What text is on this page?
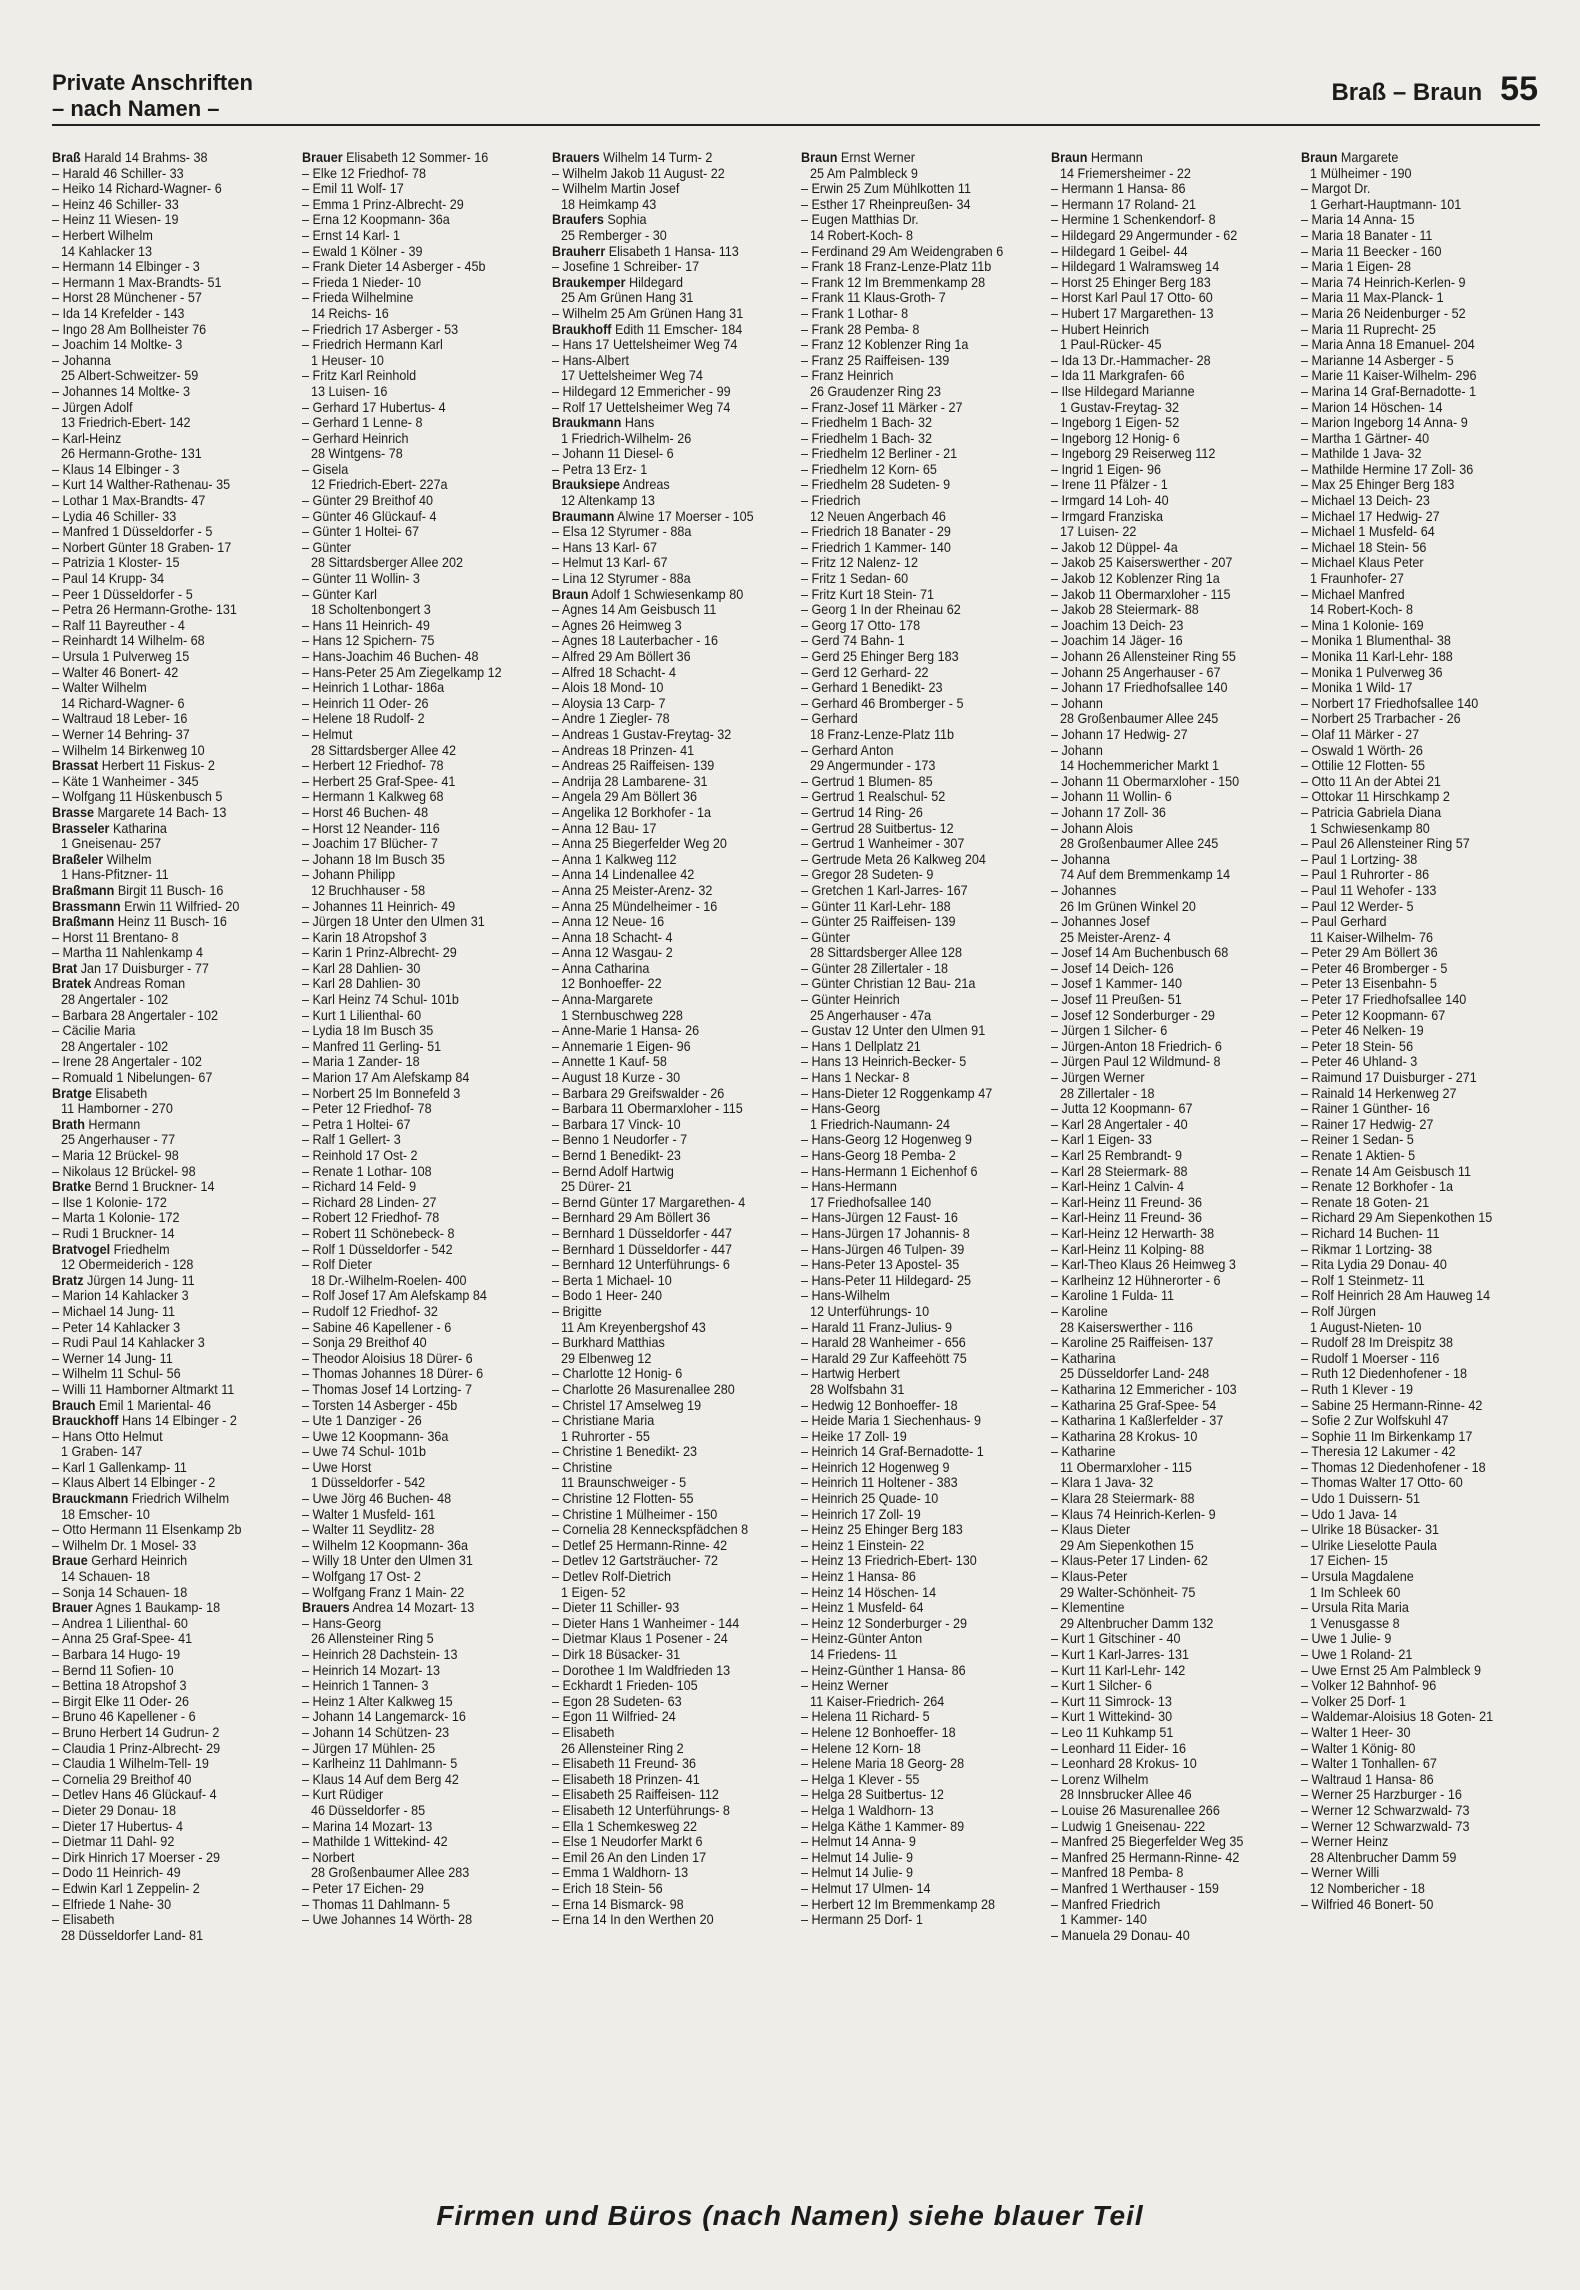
Private Anschriften
– nach Namen –
Braß – Braun 55
Braß Harald 14 Brahms- 38
– Harald 46 Schiller- 33
– Heiko 14 Richard-Wagner- 6
– Heinz 46 Schiller- 33
– Heinz 11 Wiesen- 19
– Herbert Wilhelm
14 Kahlacker 13
– Hermann 14 Elbinger - 3
– Hermann 1 Max-Brandts- 51
– Horst 28 Münchener - 57
– Ida 14 Krefelder - 143
– Ingo 28 Am Bollheister 76
– Joachim 14 Moltke- 3
– Johanna
25 Albert-Schweitzer- 59
– Johannes 14 Moltke- 3
– Jürgen Adolf
13 Friedrich-Ebert- 142
– Karl-Heinz
26 Hermann-Grothe- 131
– Klaus 14 Elbinger - 3
– Kurt 14 Walther-Rathenau- 35
– Lothar 1 Max-Brandts- 47
– Lydia 46 Schiller- 33
– Manfred 1 Düsseldorfer - 5
– Norbert Günter 18 Graben- 17
– Patrizia 1 Kloster- 15
– Paul 14 Krupp- 34
– Peer 1 Düsseldorfer - 5
– Petra 26 Hermann-Grothe- 131
– Ralf 11 Bayreuther - 4
– Reinhardt 14 Wilhelm- 68
– Ursula 1 Pulverweg 15
– Walter 46 Bonert- 42
– Walter Wilhelm
14 Richard-Wagner- 6
– Waltraud 18 Leber- 16
– Werner 14 Behring- 37
– Wilhelm 14 Birkenweg 10
Brassat Herbert 11 Fiskus- 2
– Käte 1 Wanheimer - 345
– Wolfgang 11 Hüskenbusch 5
Brasse Margarete 14 Bach- 13
Brasseler Katharina
1 Gneisenau- 257
Braßeler Wilhelm
1 Hans-Pfitzner- 11
Braßmann Birgit 11 Busch- 16
Brassmann Erwin 11 Wilfried- 20
Braßmann Heinz 11 Busch- 16
– Horst 11 Brentano- 8
– Martha 11 Nahlenkamp 4
Brat Jan 17 Duisburger - 77
Bratek Andreas Roman
28 Angertaler - 102
– Barbara 28 Angertaler - 102
– Cäcilie Maria
28 Angertaler - 102
– Irene 28 Angertaler - 102
– Romuald 1 Nibelungen- 67
Bratge Elisabeth
11 Hamborner - 270
Brath Hermann
25 Angerhauser - 77
– Maria 12 Brückel- 98
– Nikolaus 12 Brückel- 98
Bratke Bernd 1 Bruckner- 14
– Ilse 1 Kolonie- 172
– Marta 1 Kolonie- 172
– Rudi 1 Bruckner- 14
Bratvogel Friedhelm
12 Obermeiderich - 128
Bratz Jürgen 14 Jung- 11
– Marion 14 Kahlacker 3
– Michael 14 Jung- 11
– Peter 14 Kahlacker 3
– Rudi Paul 14 Kahlacker 3
– Werner 14 Jung- 11
– Wilhelm 11 Schul- 56
– Willi 11 Hamborner Altmarkt 11
Brauch Emil 1 Mariental- 46
Brauckhoff Hans 14 Elbinger - 2
– Hans Otto Helmut
1 Graben- 147
– Karl 1 Gallenkamp- 11
– Klaus Albert 14 Elbinger - 2
Brauckmann Friedrich Wilhelm
18 Emscher- 10
– Otto Hermann 11 Elsenkamp 2b
– Wilhelm Dr. 1 Mosel- 33
Braue Gerhard Heinrich
14 Schauen- 18
– Sonja 14 Schauen- 18
Brauer Agnes 1 Baukamp- 18
– Andrea 1 Lilienthal- 60
– Anna 25 Graf-Spee- 41
– Barbara 14 Hugo- 19
– Bernd 11 Sofien- 10
– Bettina 18 Atropshof 3
– Birgit Elke 11 Oder- 26
– Bruno 46 Kapellener - 6
– Bruno Herbert 14 Gudrun- 2
– Claudia 1 Prinz-Albrecht- 29
– Claudia 1 Wilhelm-Tell- 19
– Cornelia 29 Breithof 40
– Detlev Hans 46 Glückauf- 4
– Dieter 29 Donau- 18
– Dieter 17 Hubertus- 4
– Dietmar 11 Dahl- 92
– Dirk Hinrich 17 Moerser - 29
– Dodo 11 Heinrich- 49
– Edwin Karl 1 Zeppelin- 2
– Elfriede 1 Nahe- 30
– Elisabeth
28 Düsseldorfer Land- 81
Brauer Elisabeth 12 Sommer- 16
– Elke 12 Friedhof- 78
– Emil 11 Wolf- 17
– Emma 1 Prinz-Albrecht- 29
– Erna 12 Koopmann- 36a
– Ernst 14 Karl- 1
– Ewald 1 Kölner - 39
– Frank Dieter 14 Asberger - 45b
– Frieda 1 Nieder- 10
– Frieda Wilhelmine
14 Reichs- 16
– Friedrich 17 Asberger - 53
– Friedrich Hermann Karl
1 Heuser- 10
– Fritz Karl Reinhold
13 Luisen- 16
– Gerhard 17 Hubertus- 4
– Gerhard 1 Lenne- 8
– Gerhard Heinrich
28 Wintgens- 78
– Gisela
12 Friedrich-Ebert- 227a
– Günter 29 Breithof 40
– Günter 46 Glückauf- 4
– Günter 1 Holtei- 67
– Günter
28 Sittardsberger Allee 202
– Günter 11 Wollin- 3
– Günter Karl
18 Scholtenbongert 3
– Hans 11 Heinrich- 49
– Hans 12 Spichern- 75
– Hans-Joachim 46 Buchen- 48
– Hans-Peter 25 Am Ziegelkamp 12
– Heinrich 1 Lothar- 186a
– Heinrich 11 Oder- 26
– Helene 18 Rudolf- 2
– Helmut
28 Sittardsberger Allee 42
– Herbert 12 Friedhof- 78
– Herbert 25 Graf-Spee- 41
– Hermann 1 Kalkweg 68
– Horst 46 Buchen- 48
– Horst 12 Neander- 116
– Joachim 17 Blücher- 7
– Johann 18 Im Busch 35
– Johann Philipp
12 Bruchhauser - 58
– Johannes 11 Heinrich- 49
– Jürgen 18 Unter den Ulmen 31
– Karin 18 Atropshof 3
– Karin 1 Prinz-Albrecht- 29
– Karl 28 Dahlien- 30
– Karl 28 Dahlien- 30
– Karl Heinz 74 Schul- 101b
– Kurt 1 Lilienthal- 60
– Lydia 18 Im Busch 35
– Manfred 11 Gerling- 51
– Maria 1 Zander- 18
– Marion 17 Am Alefskamp 84
– Norbert 25 Im Bonnefeld 3
– Peter 12 Friedhof- 78
– Petra 1 Holtei- 67
– Ralf 1 Gellert- 3
– Reinhold 17 Ost- 2
– Renate 1 Lothar- 108
– Richard 14 Feld- 9
– Richard 28 Linden- 27
– Robert 12 Friedhof- 78
– Robert 11 Schönebeck- 8
– Rolf 1 Düsseldorfer - 542
– Rolf Dieter
18 Dr.-Wilhelm-Roelen- 400
– Rolf Josef 17 Am Alefskamp 84
– Rudolf 12 Friedhof- 32
– Sabine 46 Kapellener - 6
– Sonja 29 Breithof 40
– Theodor Aloisius 18 Dürer- 6
– Thomas Johannes 18 Dürer- 6
– Thomas Josef 14 Lortzing- 7
– Torsten 14 Asberger - 45b
– Ute 1 Danziger - 26
– Uwe 12 Koopmann- 36a
– Uwe 74 Schul- 101b
– Uwe Horst
1 Düsseldorfer - 542
– Uwe Jörg 46 Buchen- 48
– Walter 1 Musfeld- 161
– Walter 11 Seydlitz- 28
– Wilhelm 12 Koopmann- 36a
– Willy 18 Unter den Ulmen 31
– Wolfgang 17 Ost- 2
– Wolfgang Franz 1 Main- 22
Brauers Andrea 14 Mozart- 13
– Hans-Georg
26 Allensteiner Ring 5
– Heinrich 28 Dachstein- 13
– Heinrich 14 Mozart- 13
– Heinrich 1 Tannen- 3
– Heinz 1 Alter Kalkweg 15
– Johann 14 Langemarck- 16
– Johann 14 Schützen- 23
– Jürgen 17 Mühlen- 25
– Karlheinz 11 Dahlmann- 5
– Klaus 14 Auf dem Berg 42
– Kurt Rüdiger
46 Düsseldorfer - 85
– Marina 14 Mozart- 13
– Mathilde 1 Wittekind- 42
– Norbert
28 Großenbaumer Allee 283
– Peter 17 Eichen- 29
– Thomas 11 Dahlmann- 5
– Uwe Johannes 14 Wörth- 28
Brauers Wilhelm 14 Turm- 2
– Wilhelm Jakob 11 August- 22
– Wilhelm Martin Josef
18 Heimkamp 43
Braufers Sophia
25 Remberger - 30
Brauherr Elisabeth 1 Hansa- 113
– Josefine 1 Schreiber- 17
Braukemper Hildegard
25 Am Grünen Hang 31
– Wilhelm 25 Am Grünen Hang 31
Braukhoff Edith 11 Emscher- 184
– Hans 17 Uettelsheimer Weg 74
– Hans-Albert
17 Uettelsheimer Weg 74
– Hildegard 12 Emmericher - 99
– Rolf 17 Uettelsheimer Weg 74
Braukmann Hans
1 Friedrich-Wilhelm- 26
– Johann 11 Diesel- 6
– Petra 13 Erz- 1
Brauksiepe Andreas
12 Altenkamp 13
Braumann Alwine 17 Moerser - 105
– Elsa 12 Styrumer - 88a
– Hans 13 Karl- 67
– Helmut 13 Karl- 67
– Lina 12 Styrumer - 88a
Braun Adolf 1 Schwiesenkamp 80
– Agnes 14 Am Geisbusch 11
– Agnes 26 Heimweg 3
– Agnes 18 Lauterbacher - 16
– Alfred 29 Am Böllert 36
– Alfred 18 Schacht- 4
– Alois 18 Mond- 10
– Aloysia 13 Carp- 7
– Andre 1 Ziegler- 78
– Andreas 1 Gustav-Freytag- 32
– Andreas 18 Prinzen- 41
– Andreas 25 Raiffeisen- 139
– Andrija 28 Lambarene- 31
– Angela 29 Am Böllert 36
– Angelika 12 Borkhofer - 1a
– Anna 12 Bau- 17
– Anna 25 Biegerfelder Weg 20
– Anna 1 Kalkweg 112
– Anna 14 Lindenallee 42
– Anna 25 Meister-Arenz- 32
– Anna 25 Mündelheimer - 16
– Anna 12 Neue- 16
– Anna 18 Schacht- 4
– Anna 12 Wasgau- 2
– Anna Catharina
12 Bonhoeffer- 22
– Anna-Margarete
1 Sternbuschweg 228
– Anne-Marie 1 Hansa- 26
– Annemarie 1 Eigen- 96
– Annette 1 Kauf- 58
– August 18 Kurze - 30
– Barbara 29 Greifswalder - 26
– Barbara 11 Obermarxloher - 115
– Barbara 17 Vinck- 10
– Benno 1 Neudorfer - 7
– Bernd 1 Benedikt- 23
– Bernd Adolf Hartwig
25 Dürer- 21
– Bernd Günter 17 Margarethen- 4
– Bernhard 29 Am Böllert 36
– Bernhard 1 Düsseldorfer - 447
– Bernhard 1 Düsseldorfer - 447
– Bernhard 12 Unterführungs- 6
– Berta 1 Michael- 10
– Bodo 1 Heer- 240
– Brigitte
11 Am Kreyenbergshof 43
– Burkhard Matthias
29 Elbenweg 12
– Charlotte 12 Honig- 6
– Charlotte 26 Masurenallee 280
– Christel 17 Amselweg 19
– Christiane Maria
1 Ruhrorter - 55
– Christine 1 Benedikt- 23
– Christine
11 Braunschweiger - 5
– Christine 12 Flotten- 55
– Christine 1 Mülheimer - 150
– Cornelia 28 Kenneckspfädchen 8
– Detlef 25 Hermann-Rinne- 42
– Detlev 12 Gartsträucher- 72
– Detlev Rolf-Dietrich
1 Eigen- 52
– Dieter 11 Schiller- 93
– Dieter Hans 1 Wanheimer - 144
– Dietmar Klaus 1 Posener - 24
– Dirk 18 Büsacker- 31
– Dorothee 1 Im Waldfrieden 13
– Eckhardt 1 Frieden- 105
– Egon 28 Sudeten- 63
– Egon 11 Wilfried- 24
– Elisabeth
26 Allensteiner Ring 2
– Elisabeth 11 Freund- 36
– Elisabeth 18 Prinzen- 41
– Elisabeth 25 Raiffeisen- 112
– Elisabeth 12 Unterführungs- 8
– Ella 1 Schemkesweg 22
– Else 1 Neudorfer Markt 6
– Emil 26 An den Linden 17
– Emma 1 Waldhorn- 13
– Erich 18 Stein- 56
– Erna 14 Bismarck- 98
– Erna 14 In den Werthen 20
Braun Ernst Werner
25 Am Palmbleck 9
– Erwin 25 Zum Mühlkotten 11
– Esther 17 Rheinpreußen- 34
– Eugen Matthias Dr.
14 Robert-Koch- 8
– Ferdinand 29 Am Weidengraben 6
– Frank 18 Franz-Lenze-Platz 11b
– Frank 12 Im Bremmenkamp 28
– Frank 11 Klaus-Groth- 7
– Frank 1 Lothar- 8
– Frank 28 Pemba- 8
– Franz 12 Koblenzer Ring 1a
– Franz 25 Raiffeisen- 139
– Franz Heinrich
26 Graudenzer Ring 23
– Franz-Josef 11 Märker - 27
– Friedhelm 1 Bach- 32
– Friedhelm 1 Bach- 32
– Friedhelm 12 Berliner - 21
– Friedhelm 12 Korn- 65
– Friedhelm 28 Sudeten- 9
– Friedrich
12 Neuen Angerbach 46
– Friedrich 18 Banater - 29
– Friedrich 1 Kammer- 140
– Fritz 12 Nalenz- 12
– Fritz 1 Sedan- 60
– Fritz Kurt 18 Stein- 71
– Georg 1 In der Rheinau 62
– Georg 17 Otto- 178
– Gerd 74 Bahn- 1
– Gerd 25 Ehinger Berg 183
– Gerd 12 Gerhard- 22
– Gerhard 1 Benedikt- 23
– Gerhard 46 Bromberger - 5
– Gerhard
18 Franz-Lenze-Platz 11b
– Gerhard Anton
29 Angermunder - 173
– Gertrud 1 Blumen- 85
– Gertrud 1 Realschul- 52
– Gertrud 14 Ring- 26
– Gertrud 28 Suitbertus- 12
– Gertrud 1 Wanheimer - 307
– Gertrude Meta 26 Kalkweg 204
– Gregor 28 Sudeten- 9
– Gretchen 1 Karl-Jarres- 167
– Günter 11 Karl-Lehr- 188
– Günter 25 Raiffeisen- 139
– Günter
28 Sittardsberger Allee 128
– Günter 28 Zillertaler - 18
– Günter Christian 12 Bau- 21a
– Günter Heinrich
25 Angerhauser - 47a
– Gustav 12 Unter den Ulmen 91
– Hans 1 Dellplatz 21
– Hans 13 Heinrich-Becker- 5
– Hans 1 Neckar- 8
– Hans-Dieter 12 Roggenkamp 47
– Hans-Georg
1 Friedrich-Naumann- 24
– Hans-Georg 12 Hogenweg 9
– Hans-Georg 18 Pemba- 2
– Hans-Hermann 1 Eichenhof 6
– Hans-Hermann
17 Friedhofsallee 140
– Hans-Jürgen 12 Faust- 16
– Hans-Jürgen 17 Johannis- 8
– Hans-Jürgen 46 Tulpen- 39
– Hans-Peter 13 Apostel- 35
– Hans-Peter 11 Hildegard- 25
– Hans-Wilhelm
12 Unterführungs- 10
– Harald 11 Franz-Julius- 9
– Harald 28 Wanheimer - 656
– Harald 29 Zur Kaffeehött 75
– Hartwig Herbert
28 Wolfsbahn 31
– Hedwig 12 Bonhoeffer- 18
– Heide Maria 1 Siechenhaus- 9
– Heike 17 Zoll- 19
– Heinrich 14 Graf-Bernadotte- 1
– Heinrich 12 Hogenweg 9
– Heinrich 11 Holtener - 383
– Heinrich 25 Quade- 10
– Heinrich 17 Zoll- 19
– Heinz 25 Ehinger Berg 183
– Heinz 1 Einstein- 22
– Heinz 13 Friedrich-Ebert- 130
– Heinz 1 Hansa- 86
– Heinz 14 Höschen- 14
– Heinz 1 Musfeld- 64
– Heinz 12 Sonderburger - 29
– Heinz-Günter Anton
14 Friedens- 11
– Heinz-Günther 1 Hansa- 86
– Heinz Werner
11 Kaiser-Friedrich- 264
– Helena 11 Richard- 5
– Helene 12 Bonhoeffer- 18
– Helene 12 Korn- 18
– Helene Maria 18 Georg- 28
– Helga 1 Klever - 55
– Helga 28 Suitbertus- 12
– Helga 1 Waldhorn- 13
– Helga Käthe 1 Kammer- 89
– Helmut 14 Anna- 9
– Helmut 14 Julie- 9
– Helmut 14 Julie- 9
– Helmut 17 Ulmen- 14
– Herbert 12 Im Bremmenkamp 28
– Hermann 25 Dorf- 1
Braun Hermann
14 Friemersheimer - 22
– Hermann 1 Hansa- 86
– Hermann 17 Roland- 21
– Hermine 1 Schenkendorf- 8
– Hildegard 29 Angermunder - 62
– Hildegard 1 Geibel- 44
– Hildegard 1 Walramsweg 14
– Horst 25 Ehinger Berg 183
– Horst Karl Paul 17 Otto- 60
– Hubert 17 Margarethen- 13
– Hubert Heinrich
1 Paul-Rücker- 45
– Ida 13 Dr.-Hammacher- 28
– Ida 11 Markgrafen- 66
– Ilse Hildegard Marianne
1 Gustav-Freytag- 32
– Ingeborg 1 Eigen- 52
– Ingeborg 12 Honig- 6
– Ingeborg 29 Reiserweg 112
– Ingrid 1 Eigen- 96
– Irene 11 Pfälzer - 1
– Irmgard 14 Loh- 40
– Irmgard Franziska
17 Luisen- 22
– Jakob 12 Düppel- 4a
– Jakob 25 Kaiserswerther - 207
– Jakob 12 Koblenzer Ring 1a
– Jakob 11 Obermarxloher - 115
– Jakob 28 Steiermark- 88
– Joachim 13 Deich- 23
– Joachim 14 Jäger- 16
– Johann 26 Allensteiner Ring 55
– Johann 25 Angerhauser - 67
– Johann 17 Friedhofsallee 140
– Johann
28 Großenbaumer Allee 245
– Johann 17 Hedwig- 27
– Johann
14 Hochemmericher Markt 1
– Johann 11 Obermarxloher - 150
– Johann 11 Wollin- 6
– Johann 17 Zoll- 36
– Johann Alois
28 Großenbaumer Allee 245
– Johanna
74 Auf dem Bremmenkamp 14
– Johannes
26 Im Grünen Winkel 20
– Johannes Josef
25 Meister-Arenz- 4
– Josef 14 Am Buchenbusch 68
– Josef 14 Deich- 126
– Josef 1 Kammer- 140
– Josef 11 Preußen- 51
– Josef 12 Sonderburger - 29
– Jürgen 1 Silcher- 6
– Jürgen-Anton 18 Friedrich- 6
– Jürgen Paul 12 Wildmund- 8
– Jürgen Werner
28 Zillertaler - 18
– Jutta 12 Koopmann- 67
– Karl 28 Angertaler - 40
– Karl 1 Eigen- 33
– Karl 25 Rembrandt- 9
– Karl 28 Steiermark- 88
– Karl-Heinz 1 Calvin- 4
– Karl-Heinz 11 Freund- 36
– Karl-Heinz 11 Freund- 36
– Karl-Heinz 12 Herwarth- 38
– Karl-Heinz 11 Kolping- 88
– Karl-Theo Klaus 26 Heimweg 3
– Karlheinz 12 Hühnerorter - 6
– Karoline 1 Fulda- 11
– Karoline
28 Kaiserswerther - 116
– Karoline 25 Raiffeisen- 137
– Katharina
25 Düsseldorfer Land- 248
– Katharina 12 Emmericher - 103
– Katharina 25 Graf-Spee- 54
– Katharina 1 Kaßlerfelder - 37
– Katharina 28 Krokus- 10
– Katharine
11 Obermarxloher - 115
– Klara 1 Java- 32
– Klara 28 Steiermark- 88
– Klaus 74 Heinrich-Kerlen- 9
– Klaus Dieter
29 Am Siepenkothen 15
– Klaus-Peter 17 Linden- 62
– Klaus-Peter
29 Walter-Schönheit- 75
– Klementine
29 Altenbrucher Damm 132
– Kurt 1 Gitschiner - 40
– Kurt 1 Karl-Jarres- 131
– Kurt 11 Karl-Lehr- 142
– Kurt 1 Silcher- 6
– Kurt 11 Simrock- 13
– Kurt 1 Wittekind- 30
– Leo 11 Kuhkamp 51
– Leonhard 11 Eider- 16
– Leonhard 28 Krokus- 10
– Lorenz Wilhelm
28 Innsbrucker Allee 46
– Louise 26 Masurenallee 266
– Ludwig 1 Gneisenau- 222
– Manfred 25 Biegerfelder Weg 35
– Manfred 25 Hermann-Rinne- 42
– Manfred 18 Pemba- 8
– Manfred 1 Werthauser - 159
– Manfred Friedrich
1 Kammer- 140
– Manuela 29 Donau- 40
Braun Margarete
1 Mülheimer - 190
– Margot Dr.
1 Gerhart-Hauptmann- 101
– Maria 14 Anna- 15
– Maria 18 Banater - 11
– Maria 11 Beecker - 160
– Maria 1 Eigen- 28
– Maria 74 Heinrich-Kerlen- 9
– Maria 11 Max-Planck- 1
– Maria 26 Neidenburger - 52
– Maria 11 Ruprecht- 25
– Maria Anna 18 Emanuel- 204
– Marianne 14 Asberger - 5
– Marie 11 Kaiser-Wilhelm- 296
– Marina 14 Graf-Bernadotte- 1
– Marion 14 Höschen- 14
– Marion Ingeborg 14 Anna- 9
– Martha 1 Gärtner- 40
– Mathilde 1 Java- 32
– Mathilde Hermine 17 Zoll- 36
– Max 25 Ehinger Berg 183
– Michael 13 Deich- 23
– Michael 17 Hedwig- 27
– Michael 1 Musfeld- 64
– Michael 18 Stein- 56
– Michael Klaus Peter
1 Fraunhofer- 27
– Michael Manfred
14 Robert-Koch- 8
– Mina 1 Kolonie- 169
– Monika 1 Blumenthal- 38
– Monika 11 Karl-Lehr- 188
– Monika 1 Pulverweg 36
– Monika 1 Wild- 17
– Norbert 17 Friedhofsallee 140
– Norbert 25 Trarbacher - 26
– Olaf 11 Märker - 27
– Oswald 1 Wörth- 26
– Ottilie 12 Flotten- 55
– Otto 11 An der Abtei 21
– Ottokar 11 Hirschkamp 2
– Patricia Gabriela Diana
1 Schwiesenkamp 80
– Paul 26 Allensteiner Ring 57
– Paul 1 Lortzing- 38
– Paul 1 Ruhrorter - 86
– Paul 11 Wehofer - 133
– Paul 12 Werder- 5
– Paul Gerhard
11 Kaiser-Wilhelm- 76
– Peter 29 Am Böllert 36
– Peter 46 Bromberger - 5
– Peter 13 Eisenbahn- 5
– Peter 17 Friedhofsallee 140
– Peter 12 Koopmann- 67
– Peter 46 Nelken- 19
– Peter 18 Stein- 56
– Peter 46 Uhland- 3
– Raimund 17 Duisburger - 271
– Rainald 14 Herkenweg 27
– Rainer 1 Günther- 16
– Rainer 17 Hedwig- 27
– Reiner 1 Sedan- 5
– Renate 1 Aktien- 5
– Renate 14 Am Geisbusch 11
– Renate 12 Borkhofer - 1a
– Renate 18 Goten- 21
– Richard 29 Am Siepenkothen 15
– Richard 14 Buchen- 11
– Rikmar 1 Lortzing- 38
– Rita Lydia 29 Donau- 40
– Rolf 1 Steinmetz- 11
– Rolf Heinrich 28 Am Hauweg 14
– Rolf Jürgen
1 August-Nieten- 10
– Rudolf 28 Im Dreispitz 38
– Rudolf 1 Moerser - 116
– Ruth 12 Diedenhofener - 18
– Ruth 1 Klever - 19
– Sabine 25 Hermann-Rinne- 42
– Sofie 2 Zur Wolfskuhl 47
– Sophie 11 Im Birkenkamp 17
– Theresia 12 Lakumer - 42
– Thomas 12 Diedenhofener - 18
– Thomas Walter 17 Otto- 60
– Udo 1 Duissern- 51
– Udo 1 Java- 14
– Ulrike 18 Büsacker- 31
– Ulrike Lieselotte Paula
17 Eichen- 15
– Ursula Magdalene
1 Im Schleek 60
– Ursula Rita Maria
1 Venusgasse 8
– Uwe 1 Julie- 9
– Uwe 1 Roland- 21
– Uwe Ernst 25 Am Palmbleck 9
– Volker 12 Bahnhof- 96
– Volker 25 Dorf- 1
– Waldemar-Aloisius 18 Goten- 21
– Walter 1 Heer- 30
– Walter 1 König- 80
– Walter 1 Tonhallen- 67
– Waltraud 1 Hansa- 86
– Werner 25 Harzburger - 16
– Werner 12 Schwarzwald- 73
– Werner 12 Schwarzwald- 73
– Werner Heinz
28 Altenbrucher Damm 59
– Werner Willi
12 Nombericher - 18
– Wilfried 46 Bonert- 50
Firmen und Büros (nach Namen) siehe blauer Teil
